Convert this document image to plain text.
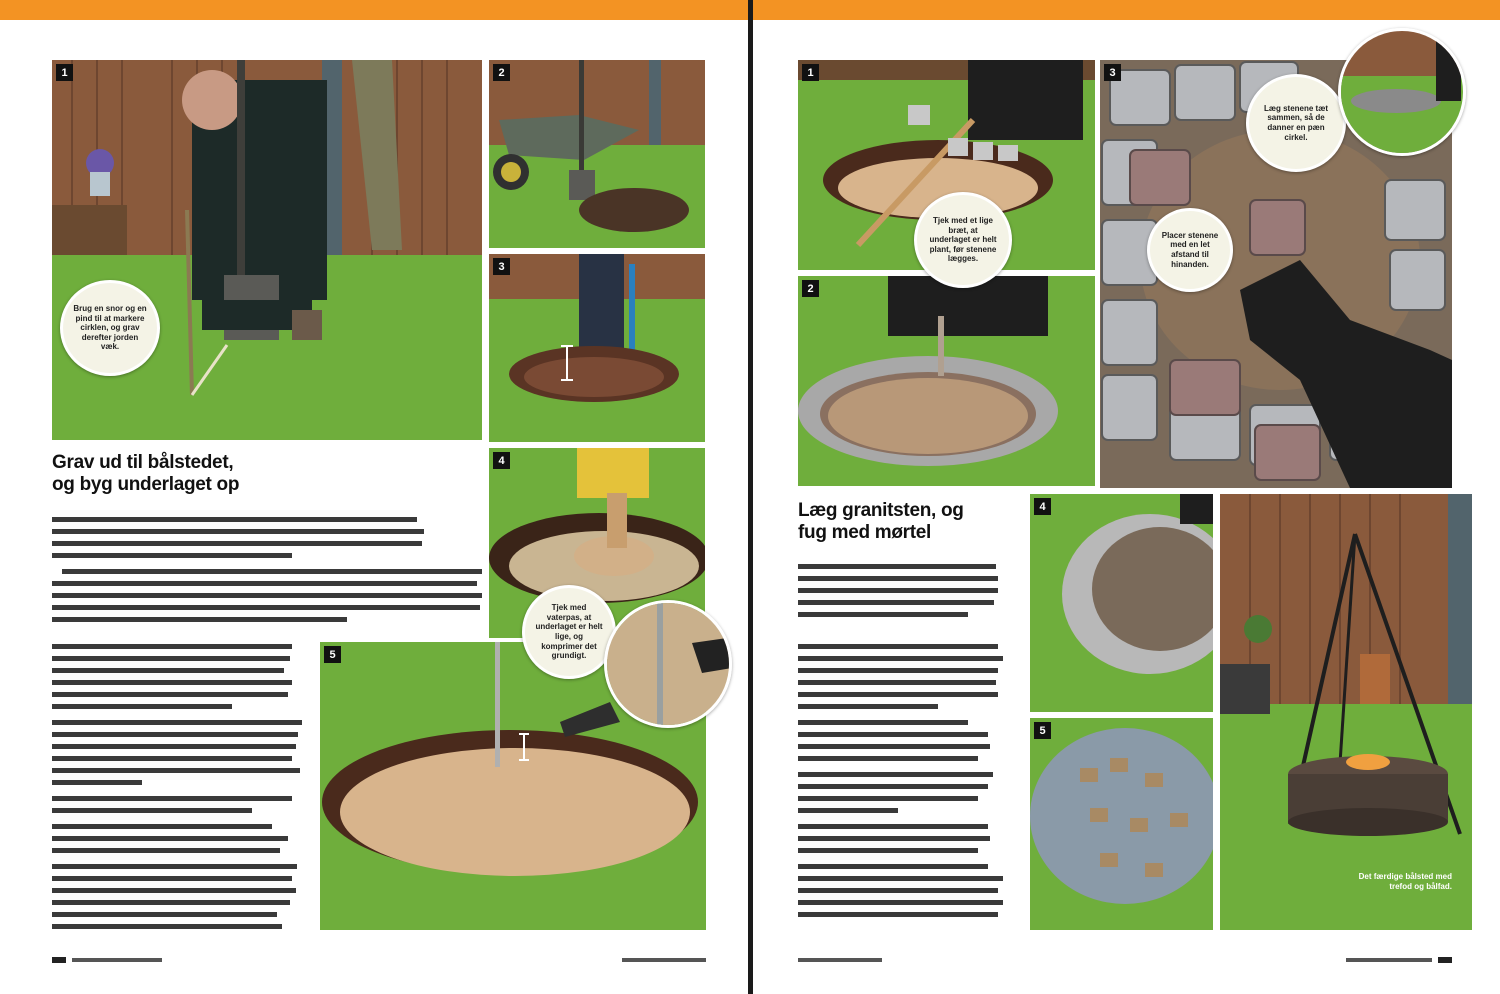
1
Brug en snor og en pind til at markere cirklen, og grav derefter jorden væk.
2
3
Grav ud til bålstedet,
og byg underlaget op
4
5
Tjek med vaterpas, at underlaget er helt lige, og komprimer det grundigt.
1
Tjek med et lige bræt, at underlaget er helt plant, før stenene lægges.
2
3
Læg stenene tæt sammen, så de danner en pæn cirkel.
Placer stenene med en let afstand til hinanden.
Læg granitsten, og
fug med mørtel
4
5
Det færdige bålsted med trefod og bålfad.
